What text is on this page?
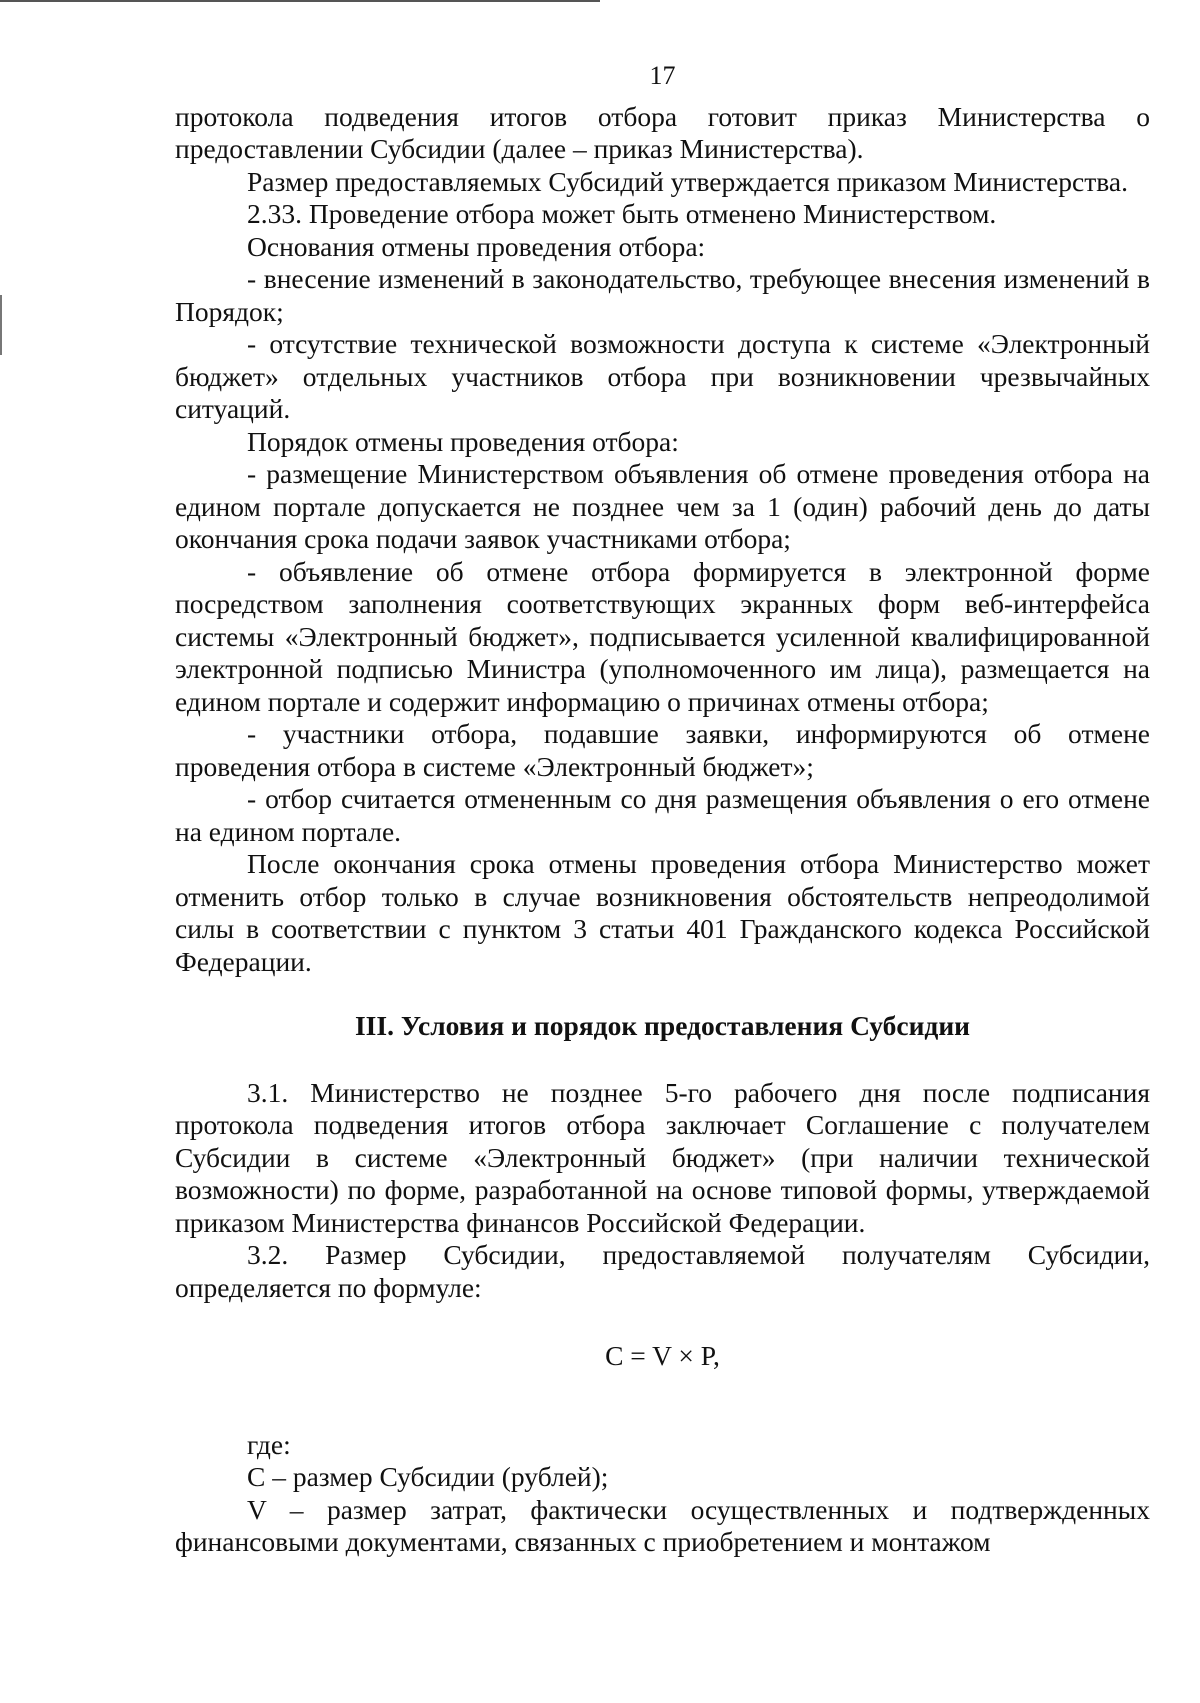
17

протокола подведения итогов отбора готовит приказ Министерства о предоставлении Субсидии (далее – приказ Министерства).

Размер предоставляемых Субсидий утверждается приказом Министерства.

2.33. Проведение отбора может быть отменено Министерством.

Основания отмены проведения отбора:

- внесение изменений в законодательство, требующее внесения изменений в Порядок;

- отсутствие технической возможности доступа к системе «Электронный бюджет» отдельных участников отбора при возникновении чрезвычайных ситуаций.

Порядок отмены проведения отбора:

- размещение Министерством объявления об отмене проведения отбора на едином портале допускается не позднее чем за 1 (один) рабочий день до даты окончания срока подачи заявок участниками отбора;

- объявление об отмене отбора формируется в электронной форме посредством заполнения соответствующих экранных форм веб-интерфейса системы «Электронный бюджет», подписывается усиленной квалифицированной электронной подписью Министра (уполномоченного им лица), размещается на едином портале и содержит информацию о причинах отмены отбора;

- участники отбора, подавшие заявки, информируются об отмене проведения отбора в системе «Электронный бюджет»;

- отбор считается отмененным со дня размещения объявления о его отмене на едином портале.

После окончания срока отмены проведения отбора Министерство может отменить отбор только в случае возникновения обстоятельств непреодолимой силы в соответствии с пунктом 3 статьи 401 Гражданского кодекса Российской Федерации.

III. Условия и порядок предоставления Субсидии

3.1. Министерство не позднее 5-го рабочего дня после подписания протокола подведения итогов отбора заключает Соглашение с получателем Субсидии в системе «Электронный бюджет» (при наличии технической возможности) по форме, разработанной на основе типовой формы, утверждаемой приказом Министерства финансов Российской Федерации.

3.2. Размер Субсидии, предоставляемой получателям Субсидии, определяется по формуле:

C = V × P,

где:

C – размер Субсидии (рублей);

V – размер затрат, фактически осуществленных и подтвержденных финансовыми документами, связанных с приобретением и монтажом
